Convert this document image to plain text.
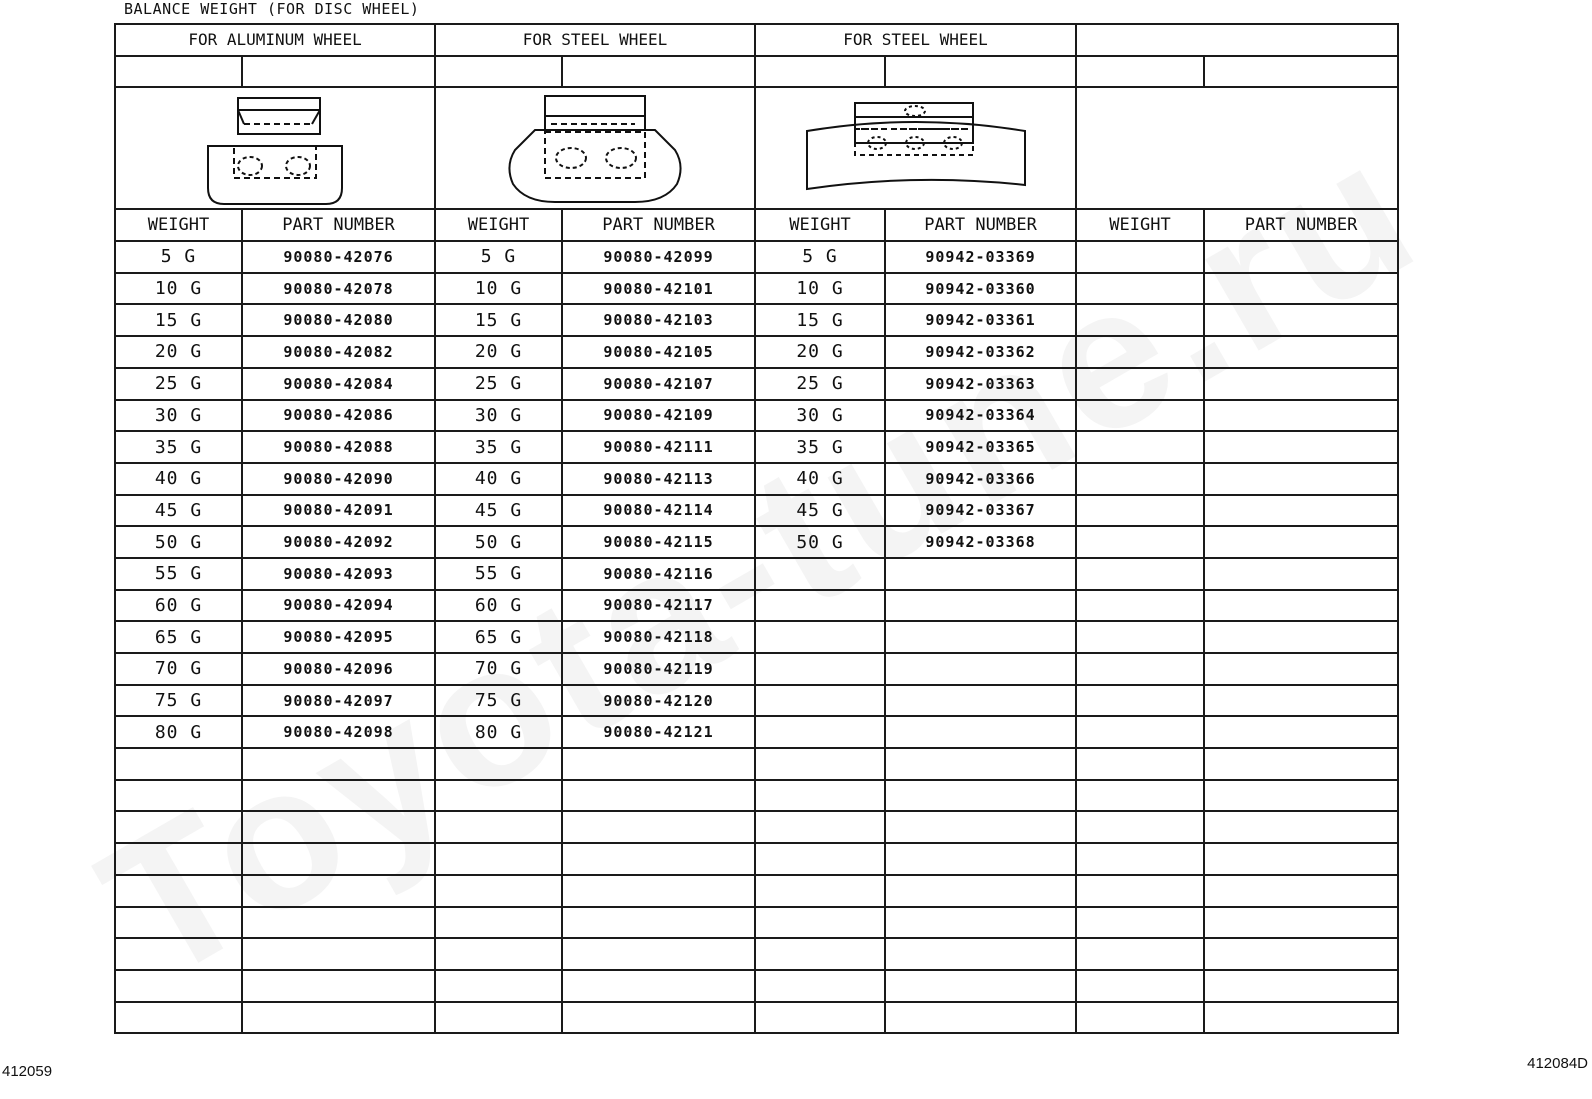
BALANCE WEIGHT (FOR DISC WHEEL)
FOR ALUMINUM WHEEL		FOR STEEL WHEEL		FOR STEEL WHEEL			

WEIGHT	PART NUMBER	WEIGHT	PART NUMBER	WEIGHT	PART NUMBER	WEIGHT	PART NUMBER
5 G	90080-42076	5 G	90080-42099	5 G	90942-03369		
10 G	90080-42078	10 G	90080-42101	10 G	90942-03360		
15 G	90080-42080	15 G	90080-42103	15 G	90942-03361		
20 G	90080-42082	20 G	90080-42105	20 G	90942-03362		
25 G	90080-42084	25 G	90080-42107	25 G	90942-03363		
30 G	90080-42086	30 G	90080-42109	30 G	90942-03364		
35 G	90080-42088	35 G	90080-42111	35 G	90942-03365		
40 G	90080-42090	40 G	90080-42113	40 G	90942-03366		
45 G	90080-42091	45 G	90080-42114	45 G	90942-03367		
50 G	90080-42092	50 G	90080-42115	50 G	90942-03368		
55 G	90080-42093	55 G	90080-42116				
60 G	90080-42094	60 G	90080-42117				
65 G	90080-42095	65 G	90080-42118				
70 G	90080-42096	70 G	90080-42119				
75 G	90080-42097	75 G	90080-42120				
80 G	90080-42098	80 G	90080-42121				

412059	412084D
